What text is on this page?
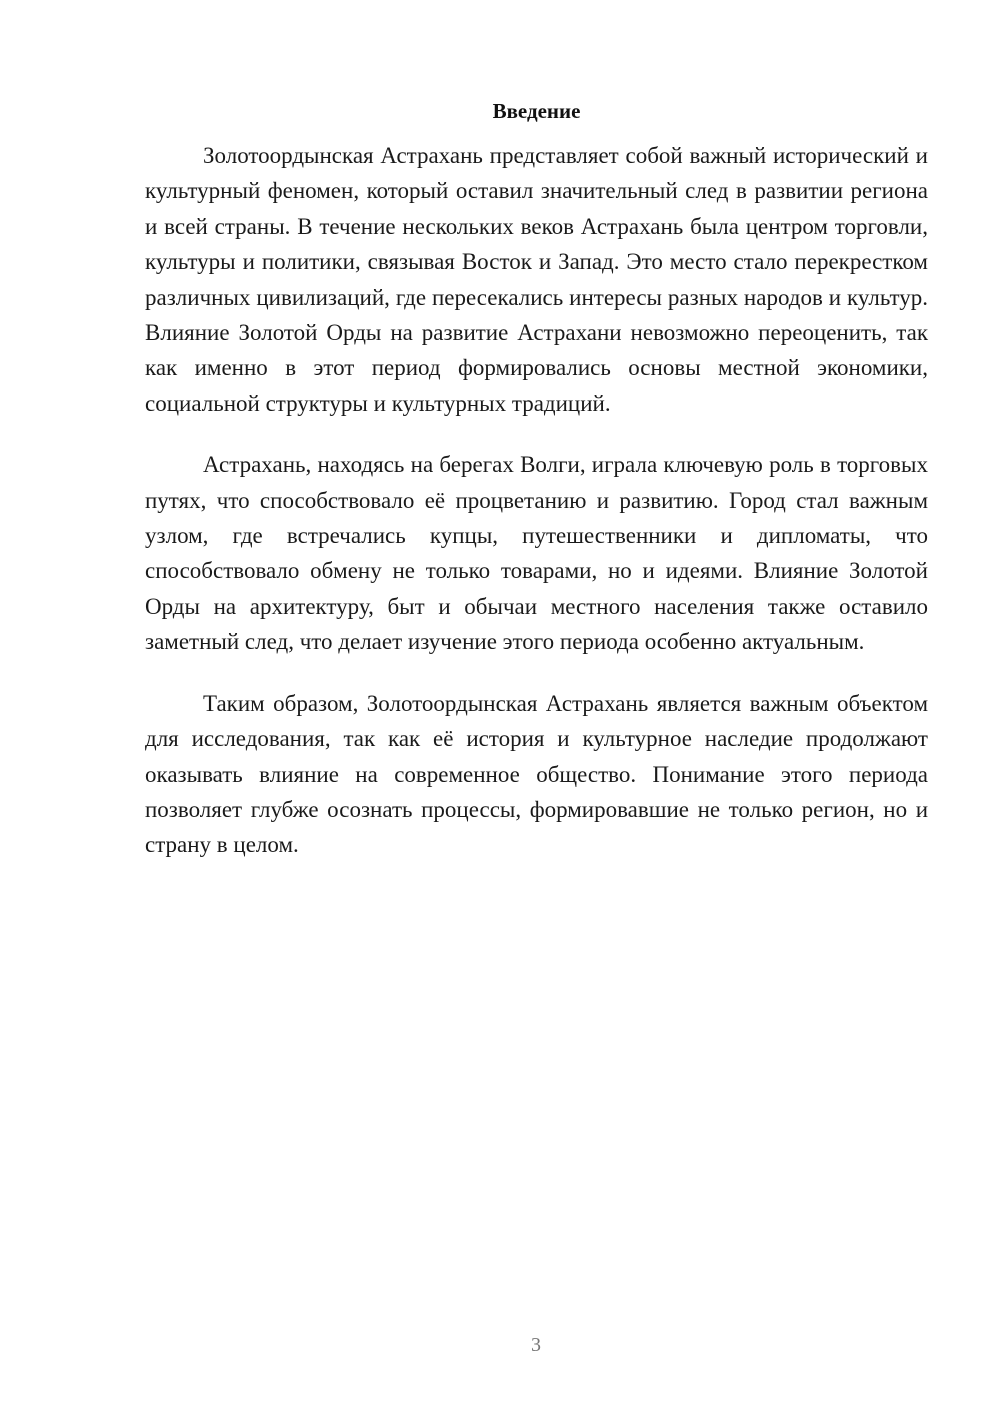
Введение

Золотоордынская Астрахань представляет собой важный исторический и культурный феномен, который оставил значительный след в развитии региона и всей страны. В течение нескольких веков Астрахань была центром торговли, культуры и политики, связывая Восток и Запад. Это место стало перекрестком различных цивилизаций, где пересекались интересы разных народов и культур. Влияние Золотой Орды на развитие Астрахани невозможно переоценить, так как именно в этот период формировались основы местной экономики, социальной структуры и культурных традиций.

Астрахань, находясь на берегах Волги, играла ключевую роль в торговых путях, что способствовало её процветанию и развитию. Город стал важным узлом, где встречались купцы, путешественники и дипломаты, что способствовало обмену не только товарами, но и идеями. Влияние Золотой Орды на архитектуру, быт и обычаи местного населения также оставило заметный след, что делает изучение этого периода особенно актуальным.

Таким образом, Золотоордынская Астрахань является важным объектом для исследования, так как её история и культурное наследие продолжают оказывать влияние на современное общество. Понимание этого периода позволяет глубже осознать процессы, формировавшие не только регион, но и страну в целом.

3
